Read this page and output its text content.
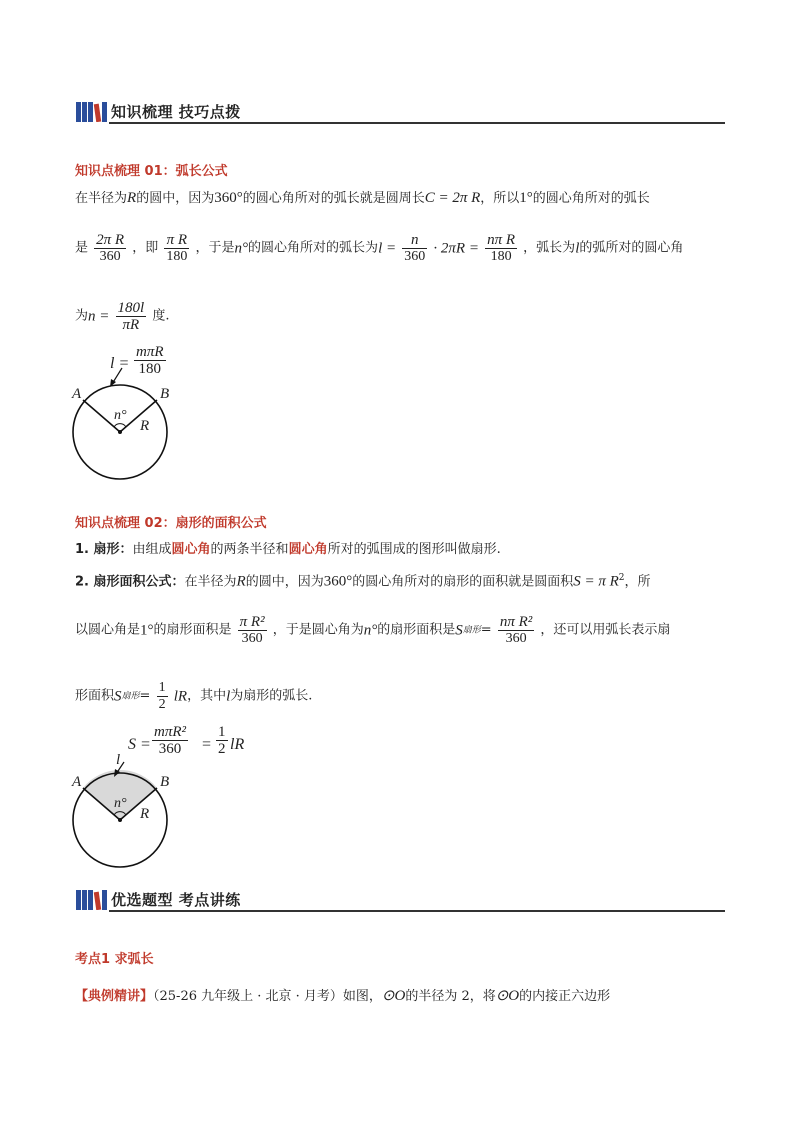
知识梳理 技巧点拨
知识点梳理 01：弧长公式
在半径为R的圆中，因为360°的圆心角所对的弧长就是圆周长C = 2π R，所以1°的圆心角所对的弧长
是 $\frac{\text{2π R}}{360}$ ，即 $\frac{\text{π R}}{180}$ ，于是n°的圆心角所对的弧长为$l = \frac{n}{360} \cdot 2\pi R = \frac{\text{nπ R}}{180}$ ，弧长为l的弧所对的圆心角
为$n = \frac{180l}{\pi R}$ 度.
l =
mπR
180
A	B
n°
R
知识点梳理 02：扇形的面积公式
1. 扇形：由组成圆心角的两条半径和圆心角所对的弧围成的图形叫做扇形.
2. 扇形面积公式：在半径为R的圆中，因为360°的圆心角所对的扇形的面积就是圆面积S = π $R^2$，所
以圆心角是1°的扇形面积是 $\frac{\text{π R²}}{360}$ ，于是圆心角为n°的扇形面积是S扇形= $\frac{\text{nπ R²}}{360}$ ，还可以用弧长表示扇
形面积S扇形= $\frac{1}{2}$ lR，其中l为扇形的弧长.
S =
mπR²
360	= $\frac{1}{2}$ lR
l
A	B
n°
R
优选题型 考点讲练
考点1 求弧长
【典例精讲】（25-26 九年级上 · 北京 · 月考）如图，⊙O的半径为 2，将⊙O的内接正六边形
